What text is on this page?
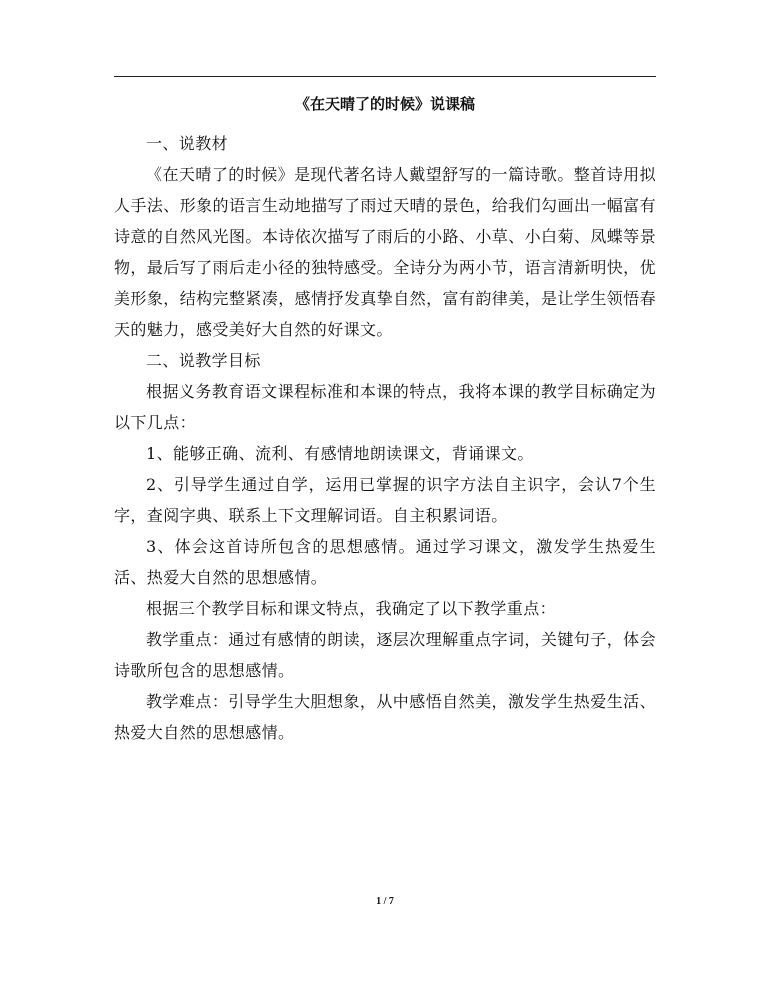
《在天晴了的时候》说课稿

一、说教材

《在天晴了的时候》是现代著名诗人戴望舒写的一篇诗歌。整首诗用拟人手法、形象的语言生动地描写了雨过天晴的景色，给我们勾画出一幅富有诗意的自然风光图。本诗依次描写了雨后的小路、小草、小白菊、凤蝶等景物，最后写了雨后走小径的独特感受。全诗分为两小节，语言清新明快，优美形象，结构完整紧凑，感情抒发真挚自然，富有韵律美，是让学生领悟春天的魅力，感受美好大自然的好课文。

二、说教学目标

根据义务教育语文课程标准和本课的特点，我将本课的教学目标确定为以下几点：

1、能够正确、流利、有感情地朗读课文，背诵课文。

2、引导学生通过自学，运用已掌握的识字方法自主识字，会认7个生字，查阅字典、联系上下文理解词语。自主积累词语。

3、体会这首诗所包含的思想感情。通过学习课文，激发学生热爱生活、热爱大自然的思想感情。

根据三个教学目标和课文特点，我确定了以下教学重点：

教学重点：通过有感情的朗读，逐层次理解重点字词，关键句子，体会诗歌所包含的思想感情。

教学难点：引导学生大胆想象，从中感悟自然美，激发学生热爱生活、热爱大自然的思想感情。

1 / 7
